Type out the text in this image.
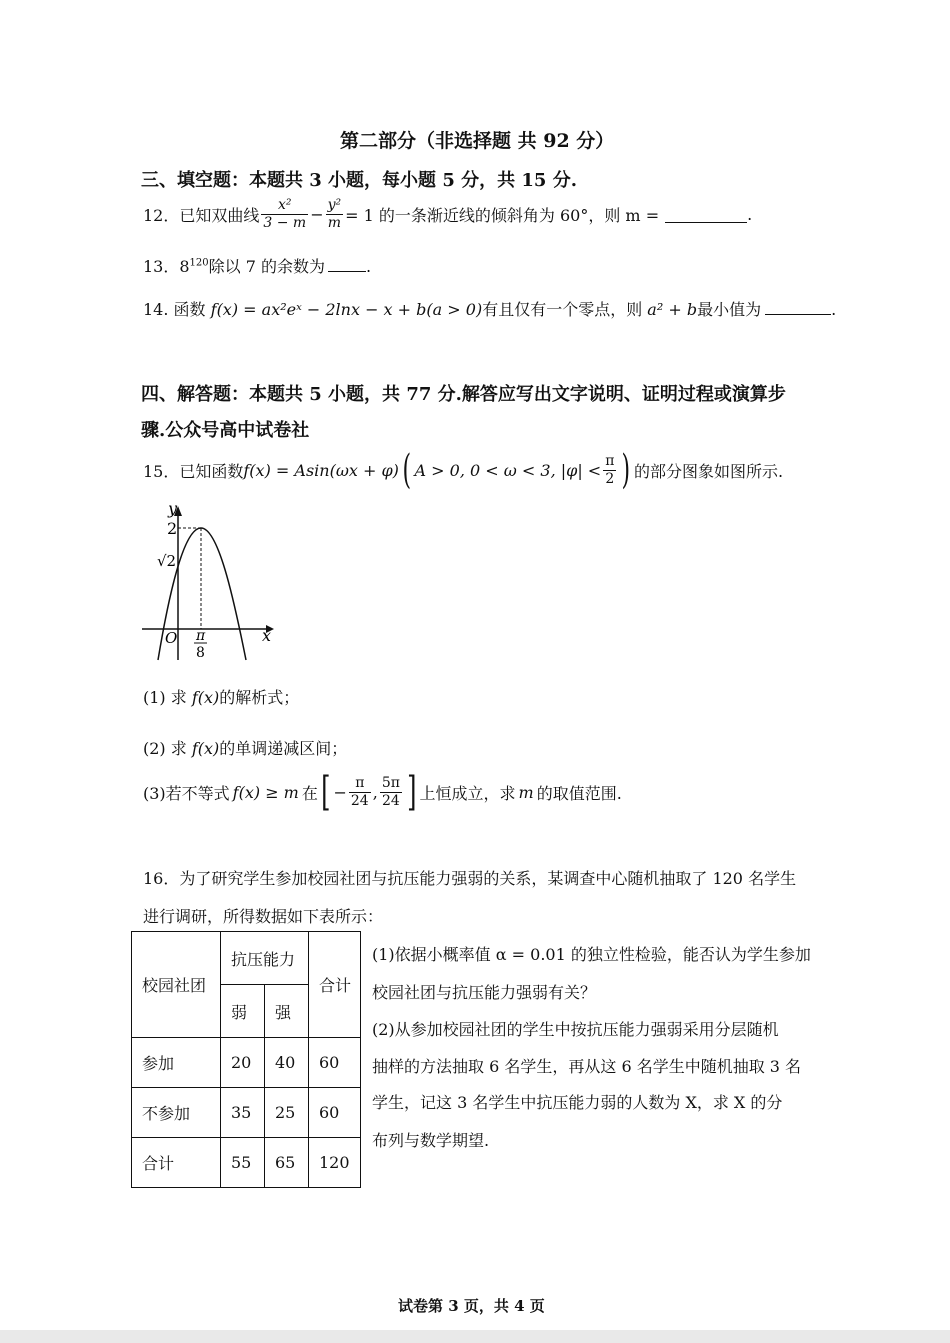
第二部分（非选择题 共 92 分）
三、填空题：本题共 3 小题，每小题 5 分，共 15 分.
12．已知双曲线 $\frac{\text{x²}}{3 - m} - \frac{\text{y²}}{m} = 1$ 的一条渐近线的倾斜角为 60°，则 m =	.
13．$8^{120}$除以 7 的余数为	.
14. 函数 f(x) = ax²eˣ − 2lnx − x + b(a > 0)有且仅有一个零点，则 a² + b最小值为	.
四、解答题：本题共 5 小题，共 77 分.解答应写出文字说明、证明过程或演算步
骤.公众号高中试卷社
15．已知函数 f(x) = Asin(ωx + φ) ( A > 0, 0 < ω < 3, $|\varphi| < \frac{\pi}{2}$ ) 的部分图象如图所示.
y
x
O
2
√2
π
8
(1) 求 f(x)的解析式；
(2) 求 f(x)的单调递减区间；
(3)若不等式 f(x) ≥ m 在 [ − $\frac{\pi}{24}$ , $\frac{5\pi}{24}$ ] 上恒成立，求 m 的取值范围.
16．为了研究学生参加校园社团与抗压能力强弱的关系，某调查中心随机抽取了 120 名学生
进行调研，所得数据如下表所示：
校园社团	抗压能力		合计
	弱	强	
参加	20	40	60
不参加	35	25	60
合计	55	65	120
(1)依据小概率值 α = 0.01 的独立性检验，能否认为学生参加
校园社团与抗压能力强弱有关？
(2)从参加校园社团的学生中按抗压能力强弱采用分层随机
抽样的方法抽取 6 名学生，再从这 6 名学生中随机抽取 3 名
学生，记这 3 名学生中抗压能力弱的人数为 X，求 X 的分
布列与数学期望.
试卷第 3 页，共 4 页
